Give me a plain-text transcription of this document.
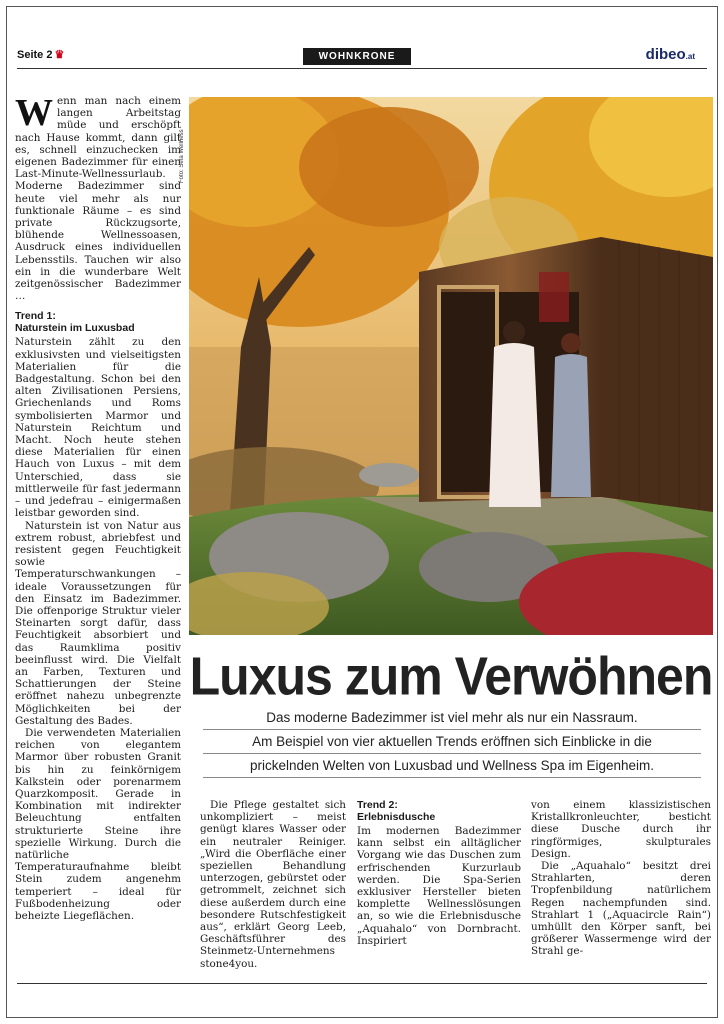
Seite 2 ♛	WOHNKRONE	dibeo.at

Wenn man nach einem langen Arbeitstag müde und erschöpft nach Hause kommt, dann gilt es, schnell einzuchecken im eigenen Badezimmer für einen Last-Minute-Wellnessurlaub. Moderne Badezimmer sind heute viel mehr als nur funktionale Räume – es sind private Rückzugsorte, blühende Wellnessoasen, Ausdruck eines individuellen Lebensstils. Tauchen wir also ein in die wunderbare Welt zeitgenössischer Badezimmer …

Trend 1:
Naturstein im Luxusbad

Naturstein zählt zu den exklusivsten und vielseitigsten Materialien für die Badgestaltung. Schon bei den alten Zivilisationen Persiens, Griechenlands und Roms symbolisierten Marmor und Naturstein Reichtum und Macht. Noch heute stehen diese Materialien für einen Hauch von Luxus – mit dem Unterschied, dass sie mittlerweile für fast jedermann – und jedefrau – einigermaßen leistbar geworden sind.

Naturstein ist von Natur aus extrem robust, abriebfest und resistent gegen Feuchtigkeit sowie Temperaturschwankungen – ideale Voraussetzungen für den Einsatz im Badezimmer. Die offenporige Struktur vieler Steinarten sorgt dafür, dass Feuchtigkeit absorbiert und das Raumklima positiv beeinflusst wird. Die Vielfalt an Farben, Texturen und Schattierungen der Steine eröffnet nahezu unbegrenzte Möglichkeiten bei der Gestaltung des Bades.

Die verwendeten Materialien reichen von elegantem Marmor über robusten Granit bis hin zu feinkörnigem Kalkstein oder porenarmem Quarzkomposit. Gerade in Kombination mit indirekter Beleuchtung entfalten strukturierte Steine ihre spezielle Wirkung. Durch die natürliche Temperaturaufnahme bleibt Stein zudem angenehm temperiert – ideal für Fußbodenheizung oder beheizte Liegeflächen.

Foto: Seta Wellness
Luxus zum Verwöhnen
Das moderne Badezimmer ist viel mehr als nur ein Nassraum.
Am Beispiel von vier aktuellen Trends eröffnen sich Einblicke in die
prickelnden Welten von Luxusbad und Wellness Spa im Eigenheim.

Die Pflege gestaltet sich unkompliziert – meist genügt klares Wasser oder ein neutraler Reiniger. „Wird die Oberfläche einer speziellen Behandlung unterzogen, gebürstet oder getrommelt, zeichnet sich diese außerdem durch eine besondere Rutschfestigkeit aus“, erklärt Georg Leeb, Geschäftsführer des Steinmetz-Unternehmens stone4you.

Trend 2:
Erlebnisdusche

Im modernen Badezimmer kann selbst ein alltäglicher Vorgang wie das Duschen zum erfrischenden Kurzurlaub werden. Die Spa-Serien exklusiver Hersteller bieten komplette Wellnesslösungen an, so wie die Erlebnisdusche „Aquahalo“ von Dornbracht. Inspiriert

von einem klassizistischen Kristallkronleuchter, besticht diese Dusche durch ihr ringförmiges, skulpturales Design.

Die „Aquahalo“ besitzt drei Strahlarten, deren Tropfenbildung natürlichem Regen nachempfunden sind. Strahlart 1 („Aquacircle Rain“) umhüllt den Körper sanft, bei größerer Wassermenge wird der Strahl ge-
